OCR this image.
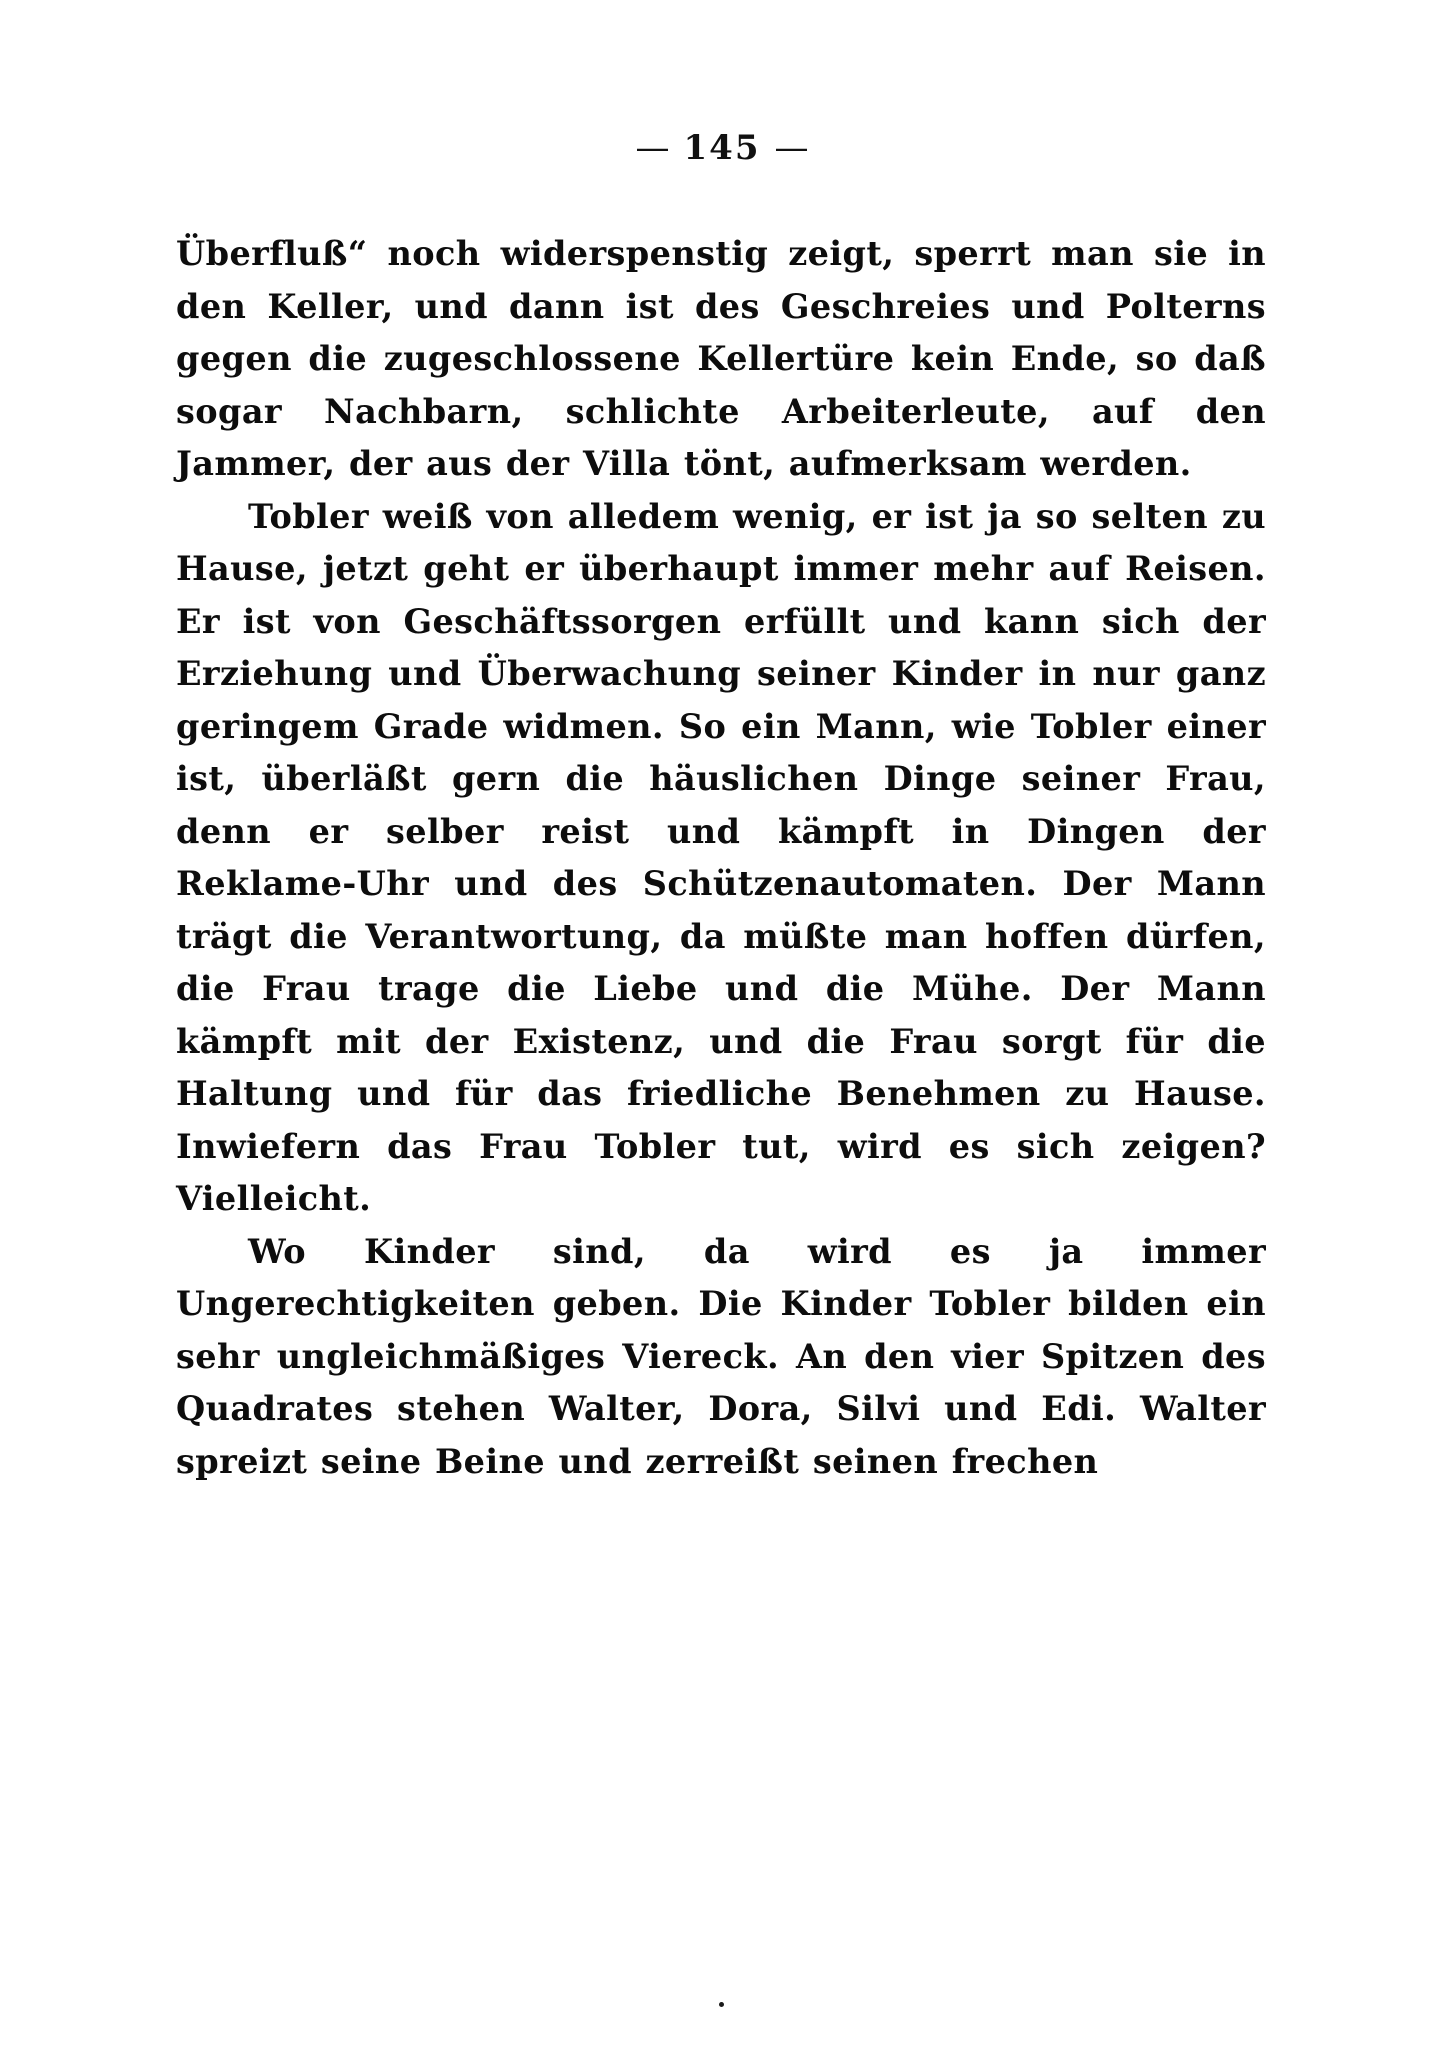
— 145 —

Überfluß“ noch widerspenstig zeigt, sperrt man sie in den Keller, und dann ist des Geschreies und Polterns gegen die zugeschlossene Kellertüre kein Ende, so daß sogar Nachbarn, schlichte Arbeiterleute, auf den Jammer, der aus der Villa tönt, aufmerksam werden.

Tobler weiß von alledem wenig, er ist ja so selten zu Hause, jetzt geht er überhaupt immer mehr auf Reisen. Er ist von Geschäftssorgen erfüllt und kann sich der Erziehung und Überwachung seiner Kinder in nur ganz geringem Grade widmen. So ein Mann, wie Tobler einer ist, überläßt gern die häuslichen Dinge seiner Frau, denn er selber reist und kämpft in Dingen der Reklame-Uhr und des Schützenautomaten. Der Mann trägt die Verantwortung, da müßte man hoffen dürfen, die Frau trage die Liebe und die Mühe. Der Mann kämpft mit der Existenz, und die Frau sorgt für die Haltung und für das friedliche Benehmen zu Hause. Inwiefern das Frau Tobler tut, wird es sich zeigen? Vielleicht.

Wo Kinder sind, da wird es ja immer Ungerechtigkeiten geben. Die Kinder Tobler bilden ein sehr ungleichmäßiges Viereck. An den vier Spitzen des Quadrates stehen Walter, Dora, Silvi und Edi. Walter spreizt seine Beine und zerreißt seinen frechen
